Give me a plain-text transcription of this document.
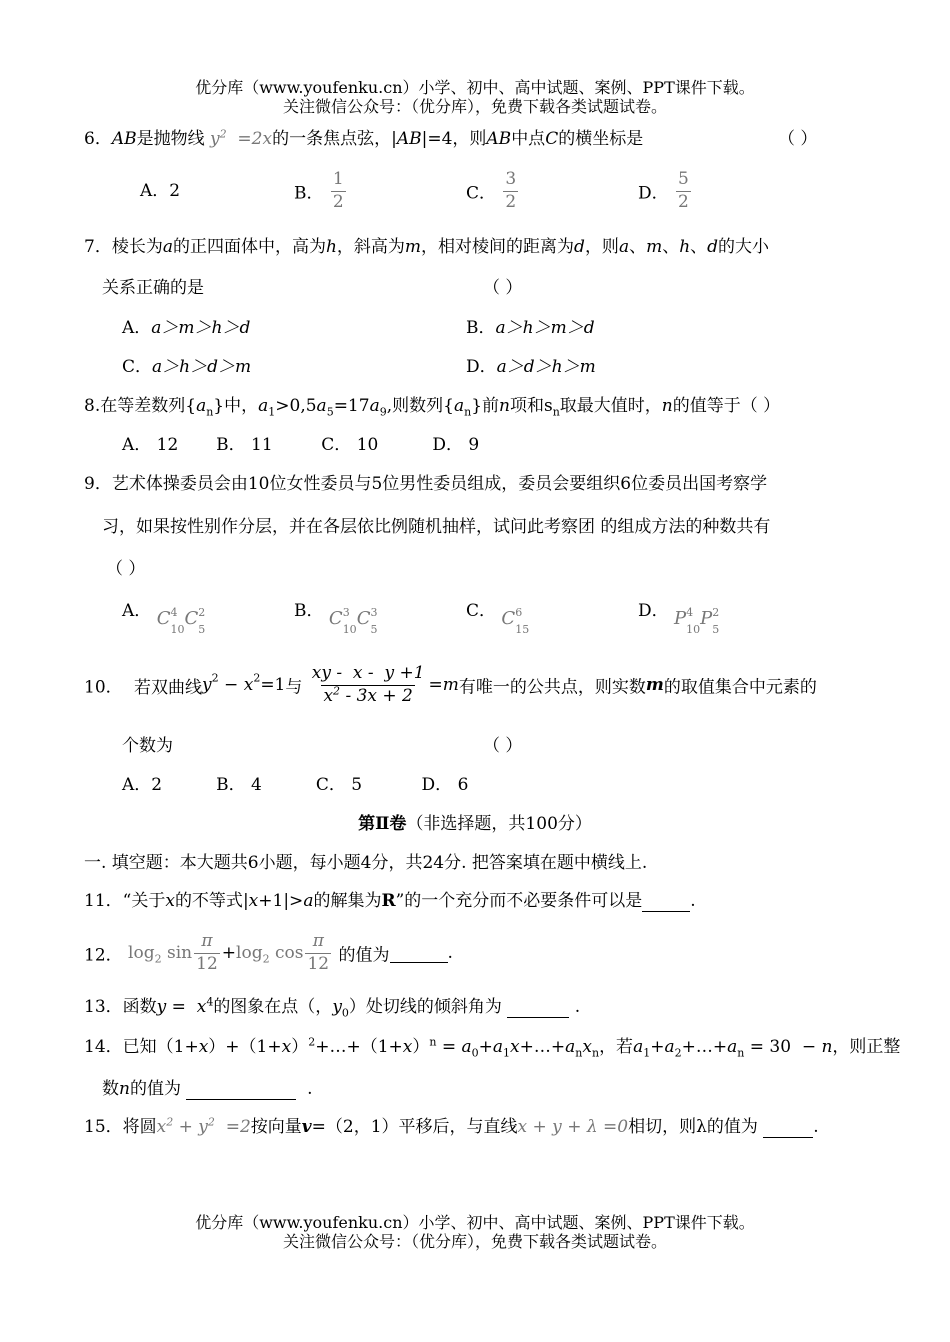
优分库（www.youfenku.cn）小学、初中、高中试题、案例、PPT课件下载。
关注微信公众号：（优分库），免费下载各类试题试卷。
6．AB是抛物线 $y^2 =2x$的一条焦点弦，|AB|=4，则AB中点C的横坐标是	（ ）
A．2	B． $\frac{1}{2}$	C． $\frac{3}{2}$	D． $\frac{5}{2}$
7．棱长为a的正四面体中，高为h，斜高为m，相对棱间的距离为d，则a、m、h、d的大小
关系正确的是	（ ）
A．a＞m＞h＞d	B．a＞h＞m＞d
C．a＞h＞d＞m	D．a＞d＞h＞m
8.在等差数列$\{a_n\}$中，$a_1>0,5a_5=17a_9$,则数列$\{a_n\}$前n项和$s_n$取最大值时，n的值等于（ ）
A． 12       B． 11         C． 10          D． 9
9．艺术体操委员会由10位女性委员与5位男性委员组成，委员会要组织6位委员出国考察学
习，如果按性别作分层，并在各层依比例随机抽样，试问此考察团 的组成方法的种数共有
（ ）
A． C 4
10
C 2
5
B． C 3
10
C 3
5
C． C 6
15
D． P 4
10
P 2
5
10． 若双曲线$y^2 - x^2=1$与 $\frac{xy - x - y +1}{x^2 - 3x + 2} =m$有唯一的公共点，则实数m的取值集合中元素的
个数为	（ ）
A．2          B． 4          C． 5           D． 6
第Ⅱ卷（非选择题，共100分）
一. 填空题：本大题共6小题，每小题4分，共24分. 把答案填在题中横线上.
11．“关于x的不等式|x+1|>a的解集为R”的一个充分而不必要条件可以是	.
12． $\log_2 \sin \frac{\pi}{12} +\log_2$ $\cos \frac{\pi}{12}$ 的值为	.
13．函数$y = x^4$的图象在点（，$y_0$）处切线的倾斜角为	.
14．已知$(1+x)+(1+x)^2+\dots+(1+x)^n$ = $a_0+a_1x+\dots+a_nx_n$，若$a_1+a_2+\dots+a_n = 30 - n$，则正整
数n的值为	.
15．将圆$x^2 + y^2 =2$按向量v=（2，1）平移后，与直线x + y + λ =0相切，则λ的值为	.
优分库（www.youfenku.cn）小学、初中、高中试题、案例、PPT课件下载。
关注微信公众号：（优分库），免费下载各类试题试卷。
